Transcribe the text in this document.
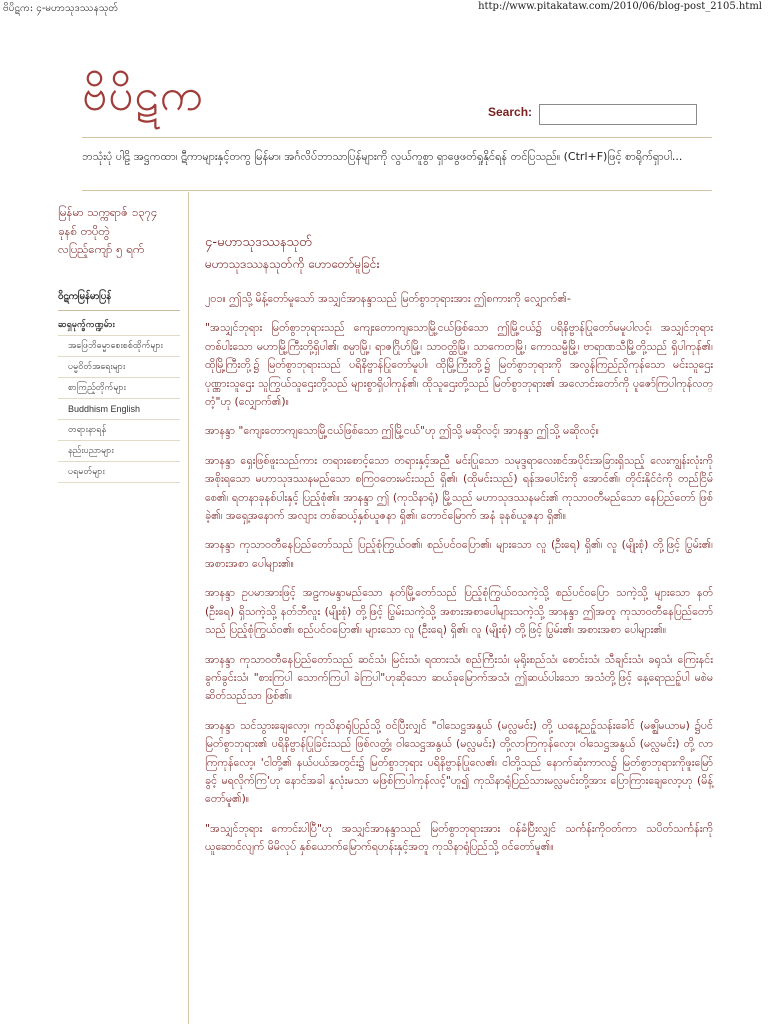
ဗိပိဋက: ၄-မဟာသုဒဿနသုတ်	http://www.pitakataw.com/2010/06/blog-post_2105.html
ဗိပိဋက	Search:
ဘသုံးပုံ ပါဠိ အဋ္ဌကထာ၊ ဋီကာများနှင့်တကွ မြန်မာ၊ အင်္ဂလိပ်ဘာသာပြန်များကို လွယ်ကူစွာ ရှာဖွေဖတ်ရှုနိုင်ရန် တင်ပြသည်။ (Ctrl+F)ဖြင့် စာရိုက်ရှာပါ...
မြန်မာ သက္ကရာဇ် ၁၃၇၄
ခုနစ် တပိုတွဲ
လပြည့်ကျော် ၅ ရက်
ဝိဋကမြန်မာပြန်
ဆရှမုက္ခ်ကဏ္ဍမ်ား
အဖြေဘိဓမ္မာစေးစစ်ထိုက်များ
ပမ္မဝိတ်အရေးများ
စာကြည့်တိုက်များ
Buddhism English
တရားနာရန်
နည်းပညာများ
ပရမတ်များ
၄-မဟာသုဒဿနသုတ်
မဟာသုဒဿနသုတ်ကို ဟောတော်မူခြင်း

၂၀၁။ ဤသို့ မိန့်တော်မူသော် အသျှင်အာနန္ဒာသည် မြတ်စွာဘုရားအား ဤစကားကို လျှောက်၏-

"အသျှင်ဘုရား မြတ်စွာဘုရားသည် ကျေးတောကျသောမြို့ငယ်ဖြစ်သော ဤမြို့ငယ်၌ ပရိနိဗ္ဗာန်ပြုတော်မမူပါလင့်၊ အသျှင်ဘုရား တစ်ပါးသော မဟာမြို့ကြီးတို့ရှိပါ၏၊ စမ္ပာမြို့၊ ရာဇဂြိုဟ်မြို့၊ သာဝတ္ထိမြို့၊ သာကေတမြို့၊ ကောသမ္ဗီမြို့၊ ဗာရာဏသီမြို့တို့သည် ရှိပါကုန်၏၊ ထိုမြို့ကြီးတို့၌ မြတ်စွာဘုရားသည် ပရိနိဗ္ဗာန်ပြုတော်မူပါ၊ ထိုမြို့ကြီးတို့၌ မြတ်စွာဘုရားကို အလွန်ကြည်ညိုကုန်သော မင်းသူဌေး ပုဏ္ဏားသူဌေး သူကြွယ်သူဌေးတို့သည် များစွာရှိပါကုန်၏၊ ထိုသူဌေးတို့သည် မြတ်စွာဘုရား၏ အလောင်းတော်ကို ပူဇော်ကြပါကုန်လတ္တံ့"ဟု (လျှောက်၏)။

အာနန္ဒာ "ကျေးတောကျသောမြို့ငယ်ဖြစ်သော ဤမြို့ငယ်"ဟု ဤသို့ မဆိုလင့်၊ အာနန္ဒာ ဤသို့ မဆိုလင့်။

အာနန္ဒာ ရှေးဖြစ်ဖူးသည်ကား တရားစောင့်သော တရားနှင့်အညီ မင်းပြုသော သမုဒ္ဒရာလေးစင်အပိုင်းအခြားရှိသည့် လေးကျွန်းလုံးကို အစိုးရသော မဟာသုဒဿနမည်သော စကြဝတေးမင်းသည် ရှိ၏၊ (ထိုမင်းသည်) ရန်အပေါင်းကို အောင်၏၊ တိုင်းနိုင်ငံကို တည်ငြိမ်စေ၏၊ ရတနာခုနစ်ပါးနှင့် ပြည့်စုံ၏။ အာနန္ဒာ ဤ (ကုသိနာရုံ) မြို့သည် မဟာသုဒဿနမင်း၏ ကုသာဝတီမည်သော နေပြည်တော် ဖြစ်ခဲ့၏၊ အရှေ့အနောက် အလျား တစ်ဆယ့်နှစ်ယူဇနာ ရှိ၏၊ တောင်မြောက် အနံ ခုနစ်ယူဇနာ ရှိ၏။

အာနန္ဒာ ကုသာဝတီနေပြည်တော်သည် ပြည့်စုံကြွယ်ဝ၏၊ စည်ပင်ဝပြော၏၊ များသော လူ (ဦးရေ) ရှိ၏၊ လူ (မျိုးစုံ) တို့ဖြင့် ပြွမ်း၏၊ အစားအစာ ပေါများ၏။

အာနန္ဒာ ဥပမာအားဖြင့် အဠကမန္ဒာမည်သော နတ်မြို့တော်သည် ပြည့်စုံကြွယ်ဝသကဲ့သို့ စည်ပင်ဝပြော သကဲ့သို့ များသော နတ် (ဦးရေ) ရှိသကဲ့သို့ နတ်ဘီလူး (မျိုးစုံ) တို့ဖြင့် ပြွမ်းသကဲ့သို့ အစားအစာပေါများသကဲ့သို့ အာနန္ဒာ ဤအတူ ကုသာဝတီနေပြည်တော်သည် ပြည့်စုံကြွယ်ဝ၏၊ စည်ပင်ဝပြော၏၊ များသော လူ (ဦးရေ) ရှိ၏၊ လူ (မျိုးစုံ) တို့ဖြင့် ပြွမ်း၏၊ အစားအစာ ပေါများ၏။

အာနန္ဒာ ကုသာဝတီနေပြည်တော်သည် ဆင်သံ၊ မြင်းသံ၊ ရထားသံ၊ စည်ကြီးသံ၊ မုရိုးစည်သံ၊ စောင်းသံ၊ သီချင်းသံ၊ ခရုသံ၊ ကြေးနင်းခွက်ခွင်းသံ၊ "စားကြပါ သောက်ကြပါ ခဲကြပါ"ဟုဆိုသော ဆယ်ခုမြောက်အသံ၊ ဤဆယ်ပါးသော အသံတို့ဖြင့် နေ့ရောညဉ့်ပါ မစဲမဆိတ်သည်သာ ဖြစ်၏။

အာနန္ဒာ သင်သွားချေလော့၊ ကုသိနာရုံပြည်သို့ ဝင်ပြီးလျှင် "ဝါသေဋ္ဌအနွယ် (မလ္လမင်း) တို့ ယနေ့ညဉ့်သန်းခေါင် (မဇ္ဈိမယာမ) ၌ပင် မြတ်စွာဘုရား၏ ပရိနိဗ္ဗာန်ပြုခြင်းသည် ဖြစ်လတ္တံ့၊ ဝါသေဋ္ဌအနွယ် (မလ္လမင်း) တို့လာကြကုန်လော့၊ ဝါသေဋ္ဌအနွယ် (မလ္လမင်း) တို့ လာကြကုန်လော့၊ 'ငါတို့၏ နယ်ပယ်အတွင်း၌ မြတ်စွာဘုရား ပရိနိဗ္ဗာန်ပြုလေ၏၊ ငါတို့သည် နောက်ဆုံးကာလ၌ မြတ်စွာဘုရားကိုဖူးမြော်ခွင့် မရလိုက်ကြ'ဟု နောင်အခါ နှလုံးမသာ မဖြစ်ကြပါကုန်လင့်"ဟူ၍ ကုသိနာရုံပြည်သားမလ္လမင်းတို့အား ပြောကြားချေလော့ဟု (မိန့်တော်မူ၏)။

"အသျှင်ဘုရား ကောင်းပါပြီ"ဟု အသျှင်အာနန္ဒာသည် မြတ်စွာဘုရားအား ဝန်ခံပြီးလျှင် သင်္ကန်းကိုဝတ်ကာ သပိတ်သင်္ကန်းကို ယူဆောင်လျက် မိမိလုပ် နှစ်ယောက်မြောက်ရဟန်းနှင့်အတူ ကုသိနာရုံပြည်သို့ ဝင်တော်မူ၏။
